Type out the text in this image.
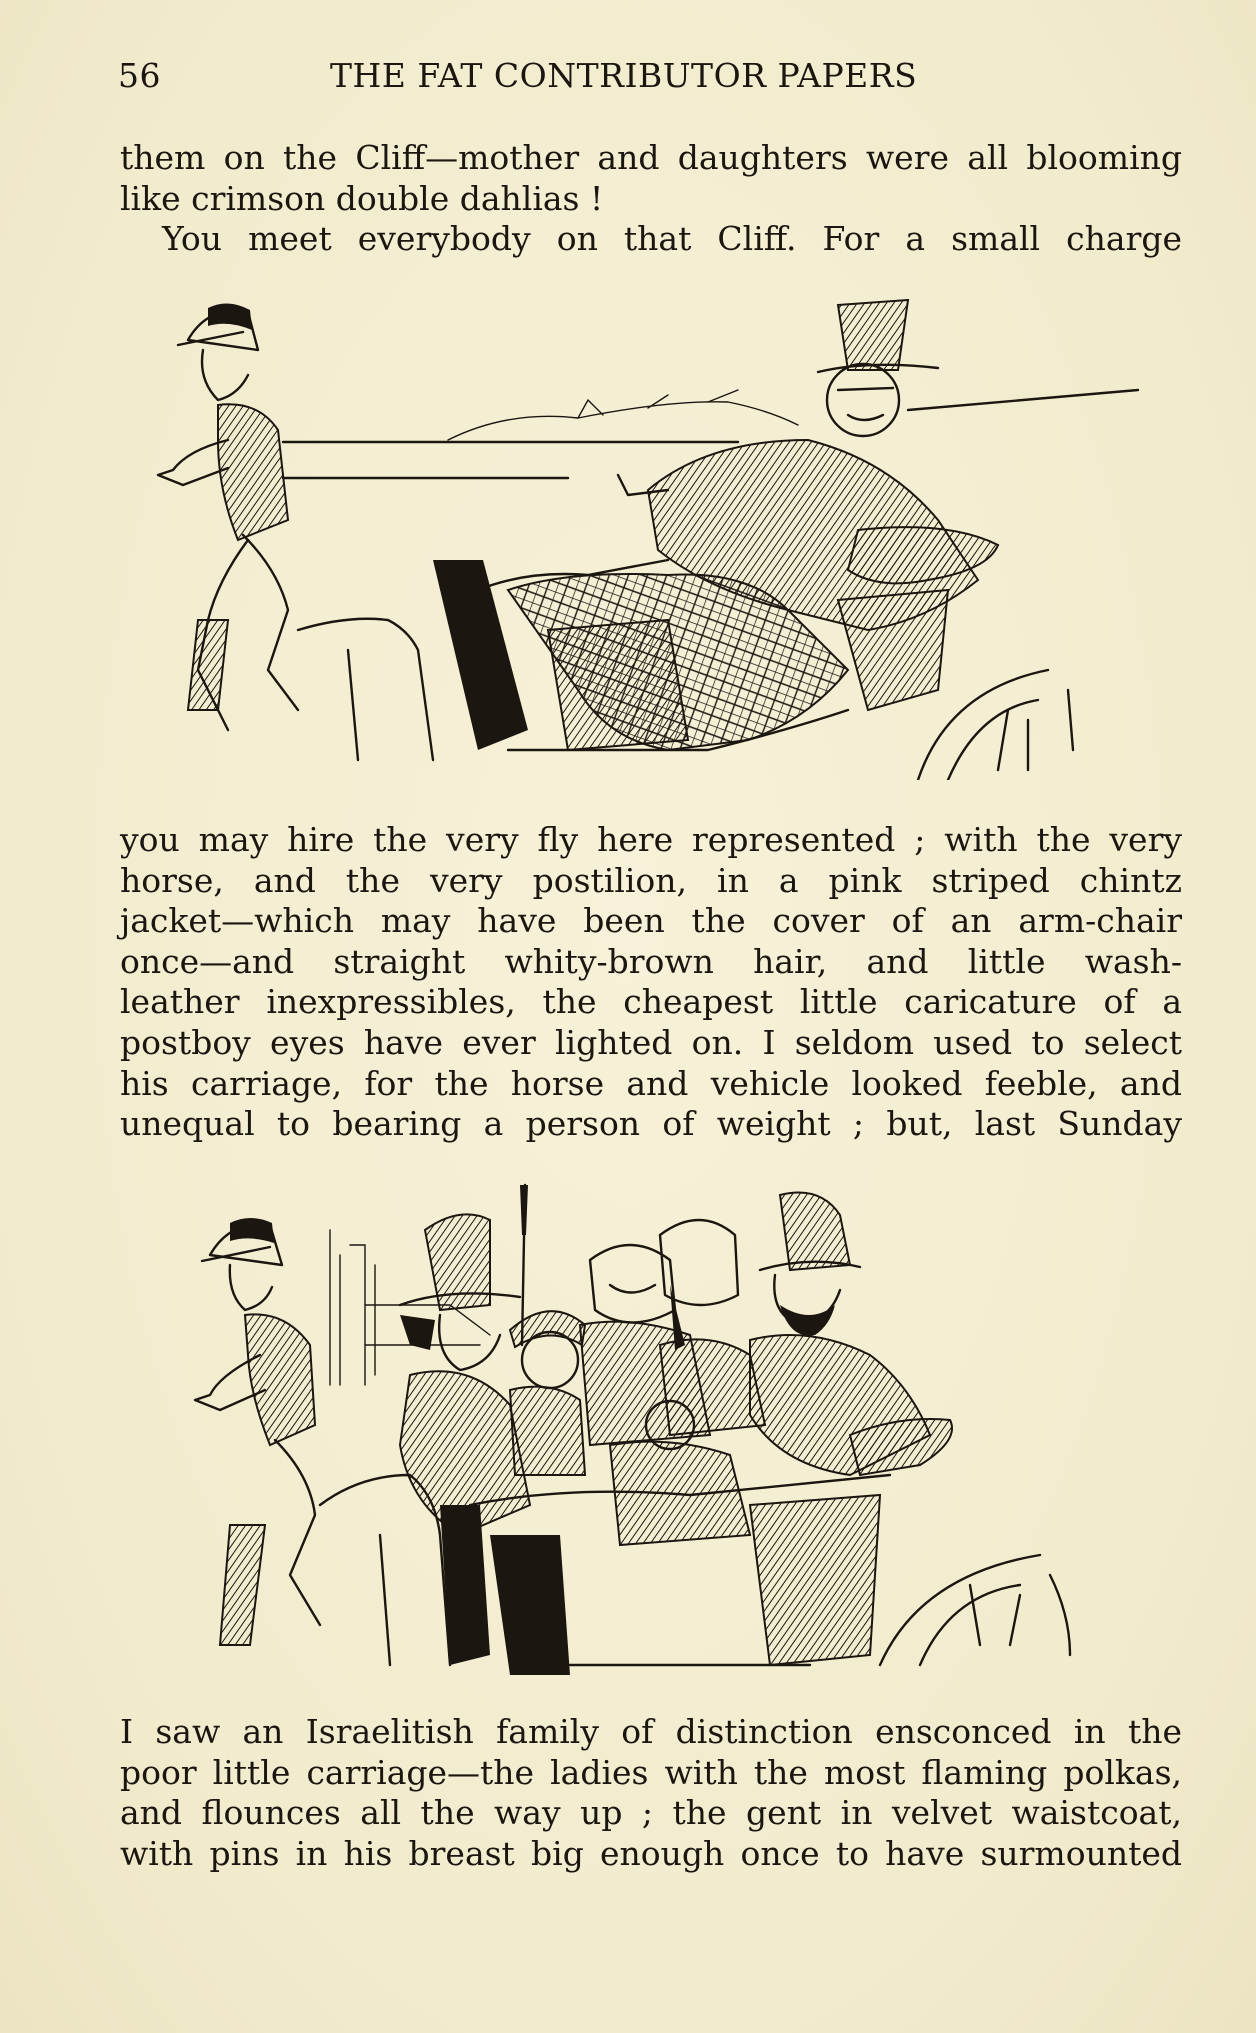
56	THE FAT CONTRIBUTOR PAPERS
them on the Cliff—mother and daughters were all blooming
like crimson double dahlias !
You meet everybody on that Cliff. For a small charge
you may hire the very fly here represented ; with the very
horse, and the very postilion, in a pink striped chintz
jacket—which may have been the cover of an arm-chair
once—and straight whity-brown hair, and little wash-
leather inexpressibles, the cheapest little caricature of a
postboy eyes have ever lighted on. I seldom used to select
his carriage, for the horse and vehicle looked feeble, and
unequal to bearing a person of weight ; but, last Sunday
I saw an Israelitish family of distinction ensconced in the
poor little carriage—the ladies with the most flaming polkas,
and flounces all the way up ; the gent in velvet waistcoat,
with pins in his breast big enough once to have surmounted
